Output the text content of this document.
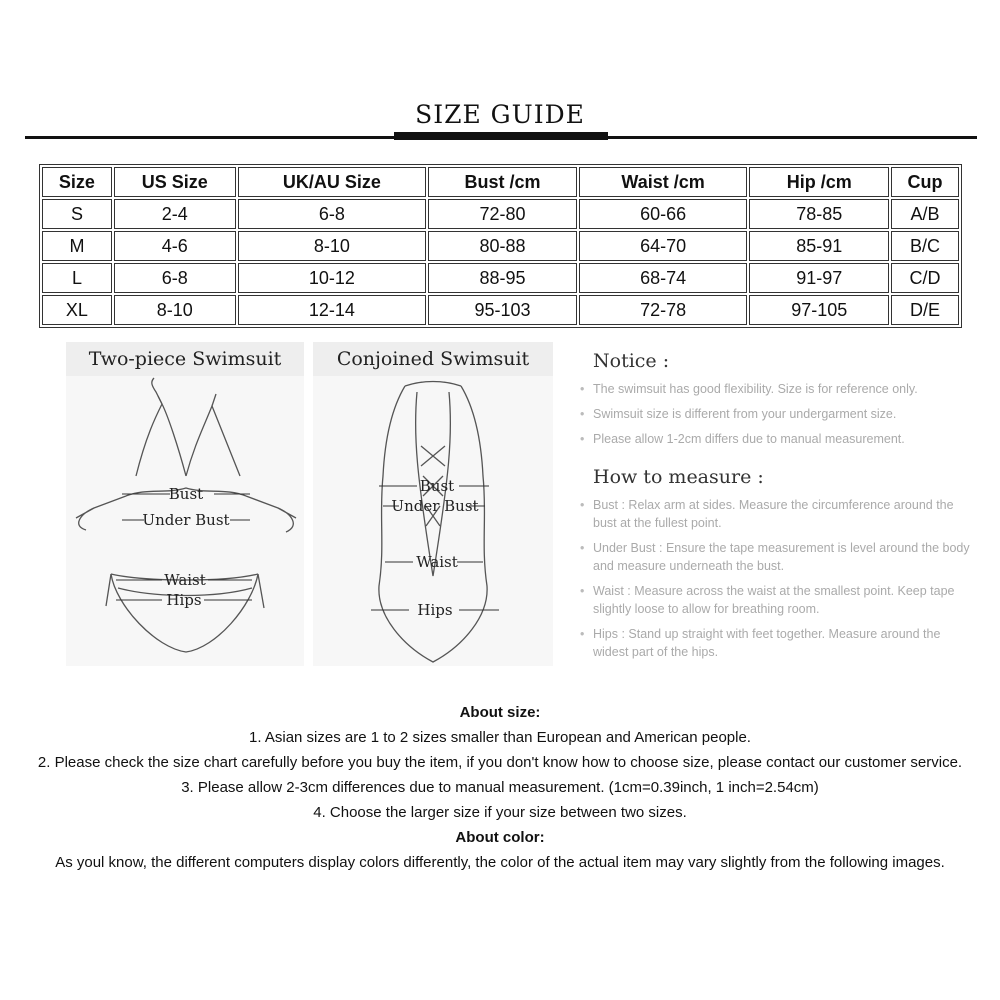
SIZE GUIDE
Size	US Size	UK/AU Size	Bust /cm	Waist /cm	Hip /cm	Cup
S	2-4	6-8	72-80	60-66	78-85	A/B
M	4-6	8-10	80-88	64-70	85-91	B/C
L	6-8	10-12	88-95	68-74	91-97	C/D
XL	8-10	12-14	95-103	72-78	97-105	D/E
Two-piece Swimsuit
Bust
Under Bust
Waist
Hips
Conjoined Swimsuit
Bust
Under Bust
Waist
Hips
Notice :
• The swimsuit has good flexibility. Size is for reference only.
• Swimsuit size is different from your undergarment size.
• Please allow 1-2cm differs due to manual measurement.
How to measure :
• Bust : Relax arm at sides. Measure the circumference around the bust at the fullest point.
• Under Bust : Ensure the tape measurement is level around the body and measure underneath the bust.
• Waist : Measure across the waist at the smallest point. Keep tape slightly loose to allow for breathing room.
• Hips : Stand up straight with feet together. Measure around the widest part of the hips.
About size:
1. Asian sizes are 1 to 2 sizes smaller than European and American people.
2. Please check the size chart carefully before you buy the item, if you don't know how to choose size, please contact our customer service.
3. Please allow 2-3cm differences due to manual measurement. (1cm=0.39inch, 1 inch=2.54cm)
4. Choose the larger size if your size between two sizes.
About color:
As youl know, the different computers display colors differently, the color of the actual item may vary slightly from the following images.
